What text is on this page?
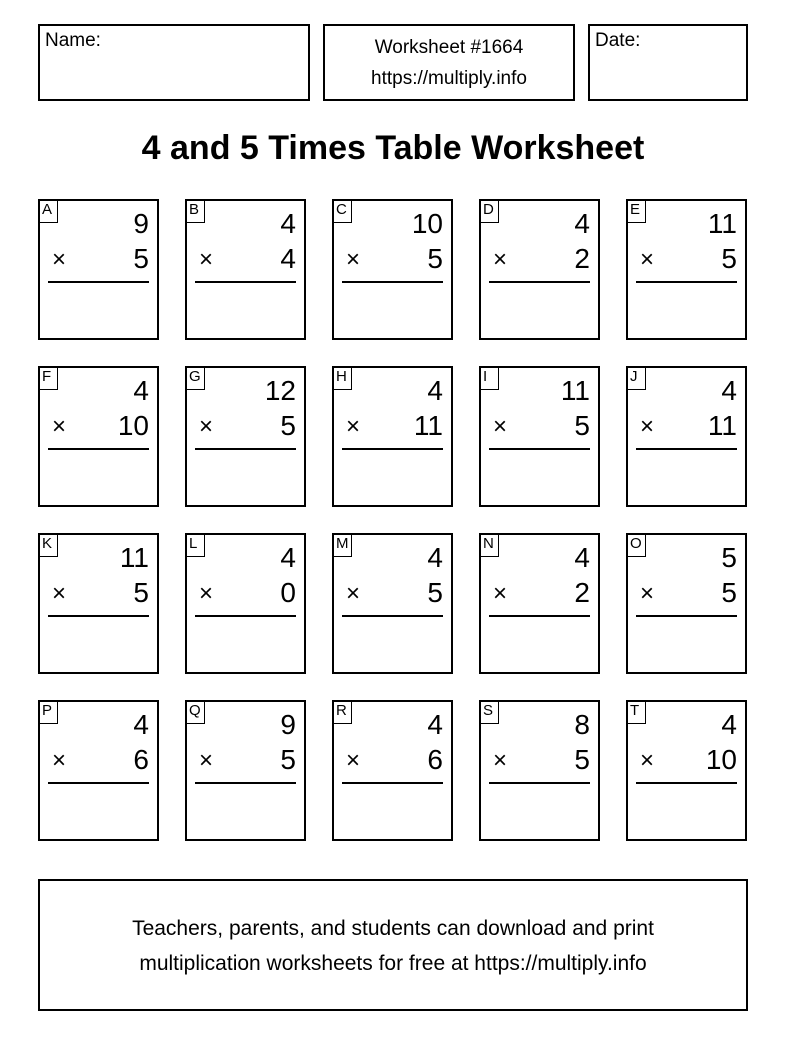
Name:	Worksheet #1664
https://multiply.info
Date:
4 and 5 Times Table Worksheet
A	9
× 5
B	4
× 4
C 10
× 5
D	4
× 2
E 11
× 5
F	4
× 10
G 12
× 5
H	4
× 11
I	11
× 5
J	4
× 11
K 11
× 5
L	4
× 0
M	4
× 5
N	4
× 2
O	5
× 5
P	4
× 6
Q	9
× 5
R	4
× 6
S	8
× 5
T	4
× 10
Teachers, parents, and students can download and print
multiplication worksheets for free at https://multiply.info
